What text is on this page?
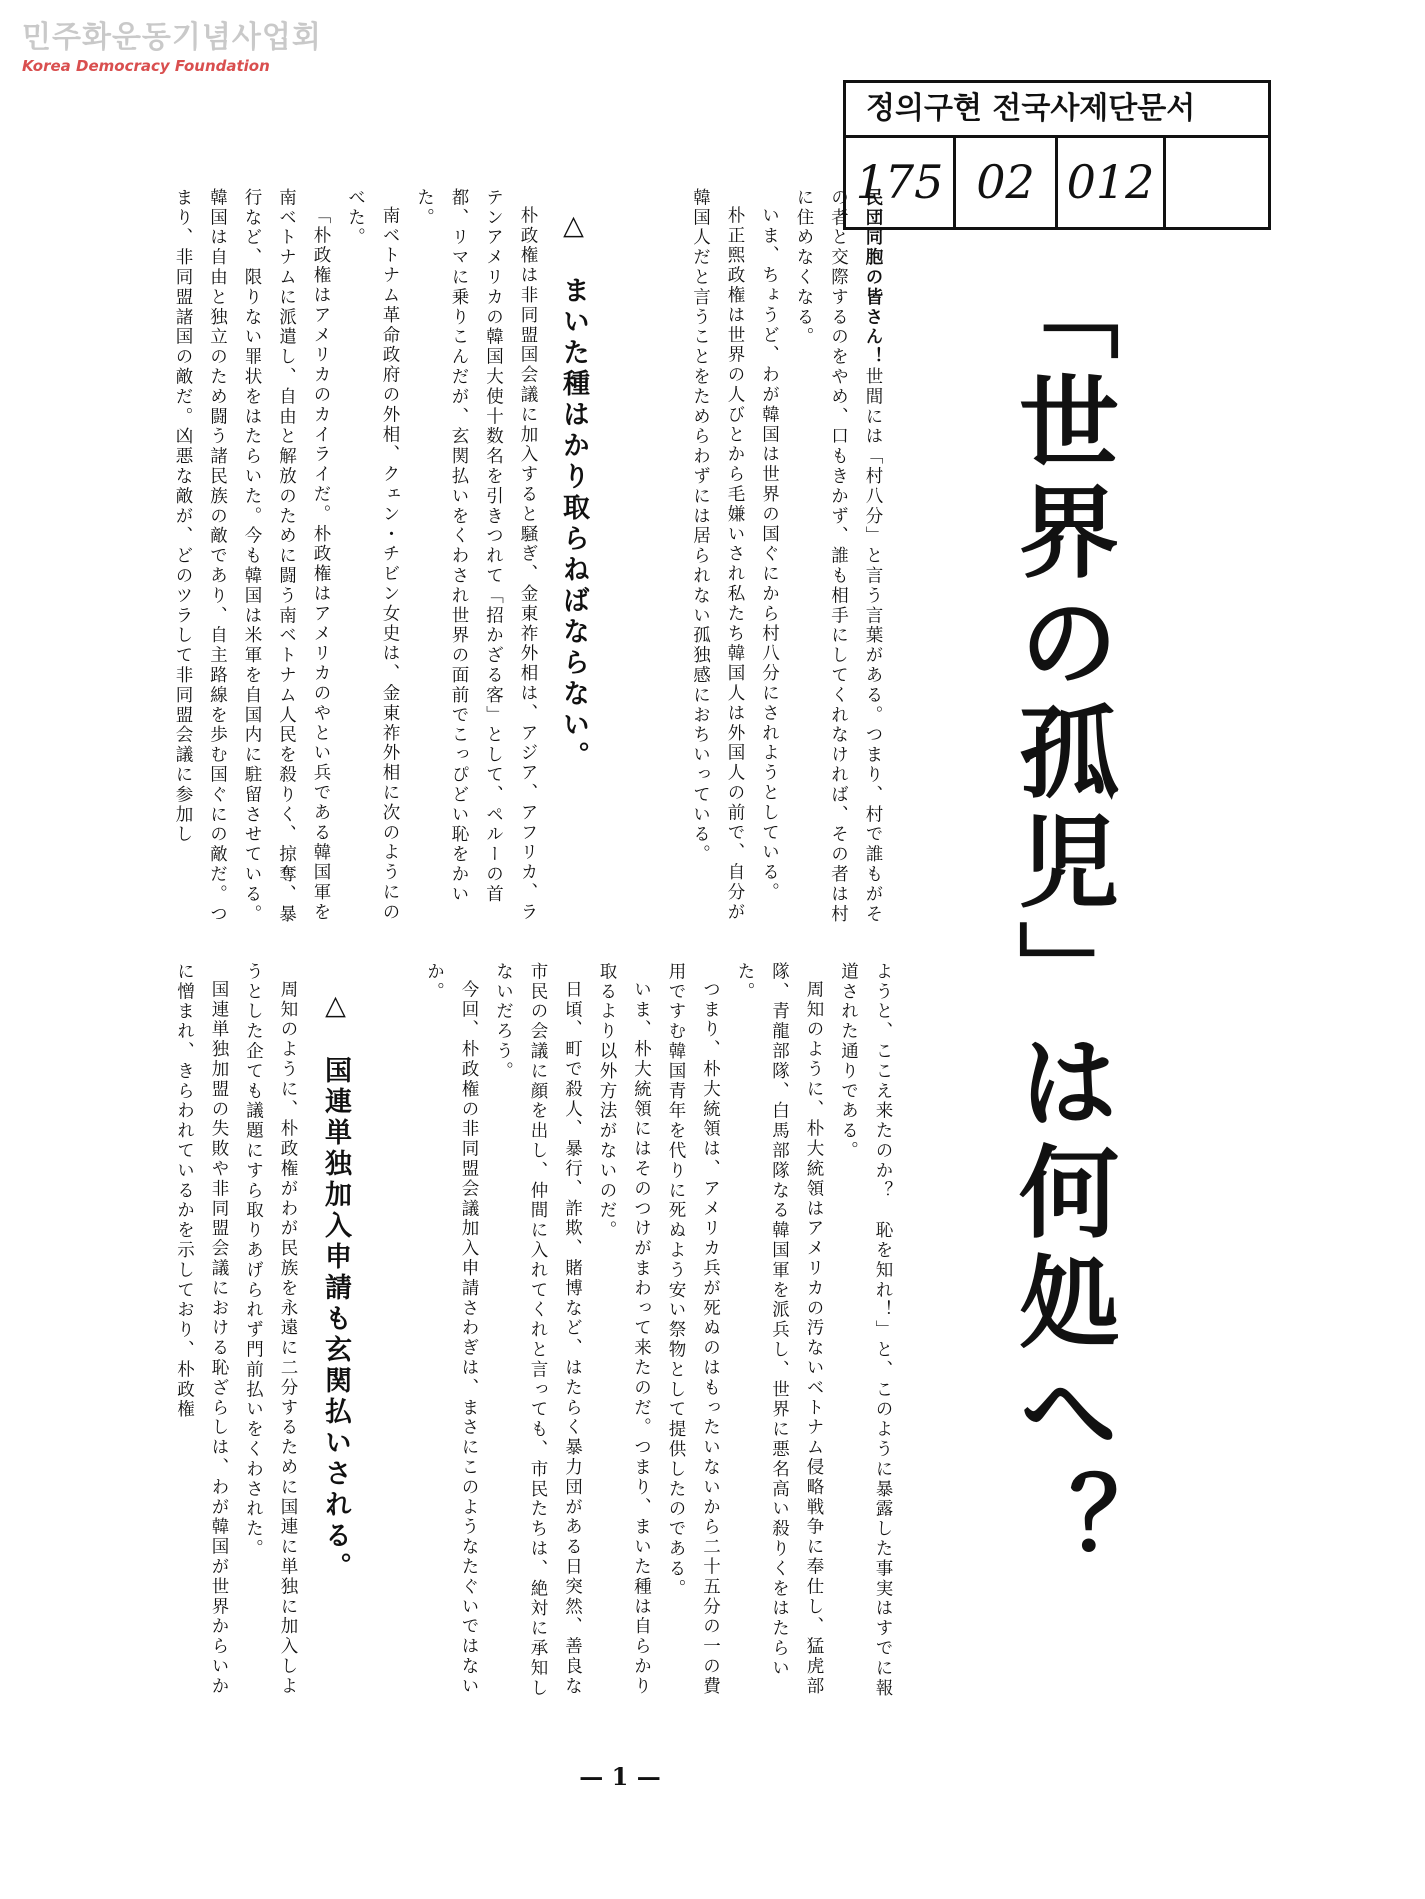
민주화운동기념사업회
Korea Democracy Foundation
정의구현 전국사제단문서
175 02 012
「世界の孤児」は何処へ？

民団同胞の皆さん！世間には「村八分」と言う言葉がある。つまり、村で誰もがその者と交際するのをやめ、口もきかず、誰も相手にしてくれなければ、その者は村に住めなくなる。

いま、ちょうど、わが韓国は世界の国ぐにから村八分にされようとしている。

朴正煕政権は世界の人びとから毛嫌いされ私たち韓国人は外国人の前で、自分が韓国人だと言うことをためらわずには居られない孤独感におちいっている。

△　まいた種はかり取らねばならない。

朴政権は非同盟国会議に加入すると騒ぎ、金東祚外相は、アジア、アフリカ、ラテンアメリカの韓国大使十数名を引きつれて「招かざる客」として、ペルーの首都、リマに乗りこんだが、玄関払いをくわされ世界の面前でこっぴどい恥をかいた。

南ベトナム革命政府の外相、クェン・チビン女史は、金東祚外相に次のようにのべた。

「朴政権はアメリカのカイライだ。朴政権はアメリカのやとい兵である韓国軍を南ベトナムに派遣し、自由と解放のために闘う南ベトナム人民を殺りく、掠奪、暴行など、限りない罪状をはたらいた。今も韓国は米軍を自国内に駐留させている。韓国は自由と独立のため闘う諸民族の敵であり、自主路線を歩む国ぐにの敵だ。つまり、非同盟諸国の敵だ。凶悪な敵が、どのツラして非同盟会議に参加し

ようと、ここえ来たのか？　恥を知れ！」と、このように暴露した事実はすでに報道された通りである。

周知のように、朴大統領はアメリカの汚ないベトナム侵略戦争に奉仕し、猛虎部隊、青龍部隊、白馬部隊なる韓国軍を派兵し、世界に悪名高い殺りくをはたらいた。

つまり、朴大統領は、アメリカ兵が死ぬのはもったいないから二十五分の一の費用ですむ韓国青年を代りに死ぬよう安い祭物として提供したのである。

いま、朴大統領にはそのつけがまわって来たのだ。つまり、まいた種は自らかり取るより以外方法がないのだ。

日頃、町で殺人、暴行、詐欺、賭博など、はたらく暴力団がある日突然、善良な市民の会議に顔を出し、仲間に入れてくれと言っても、市民たちは、絶対に承知しないだろう。

今回、朴政権の非同盟会議加入申請さわぎは、まさにこのようなたぐいではないか。

△　国連単独加入申請も玄関払いされる。

周知のように、朴政権がわが民族を永遠に二分するために国連に単独に加入しようとした企ても議題にすら取りあげられず門前払いをくわされた。

国連単独加盟の失敗や非同盟会議における恥ざらしは、わが韓国が世界からいかに憎まれ、きらわれているかを示しており、朴政権

— 1 —
